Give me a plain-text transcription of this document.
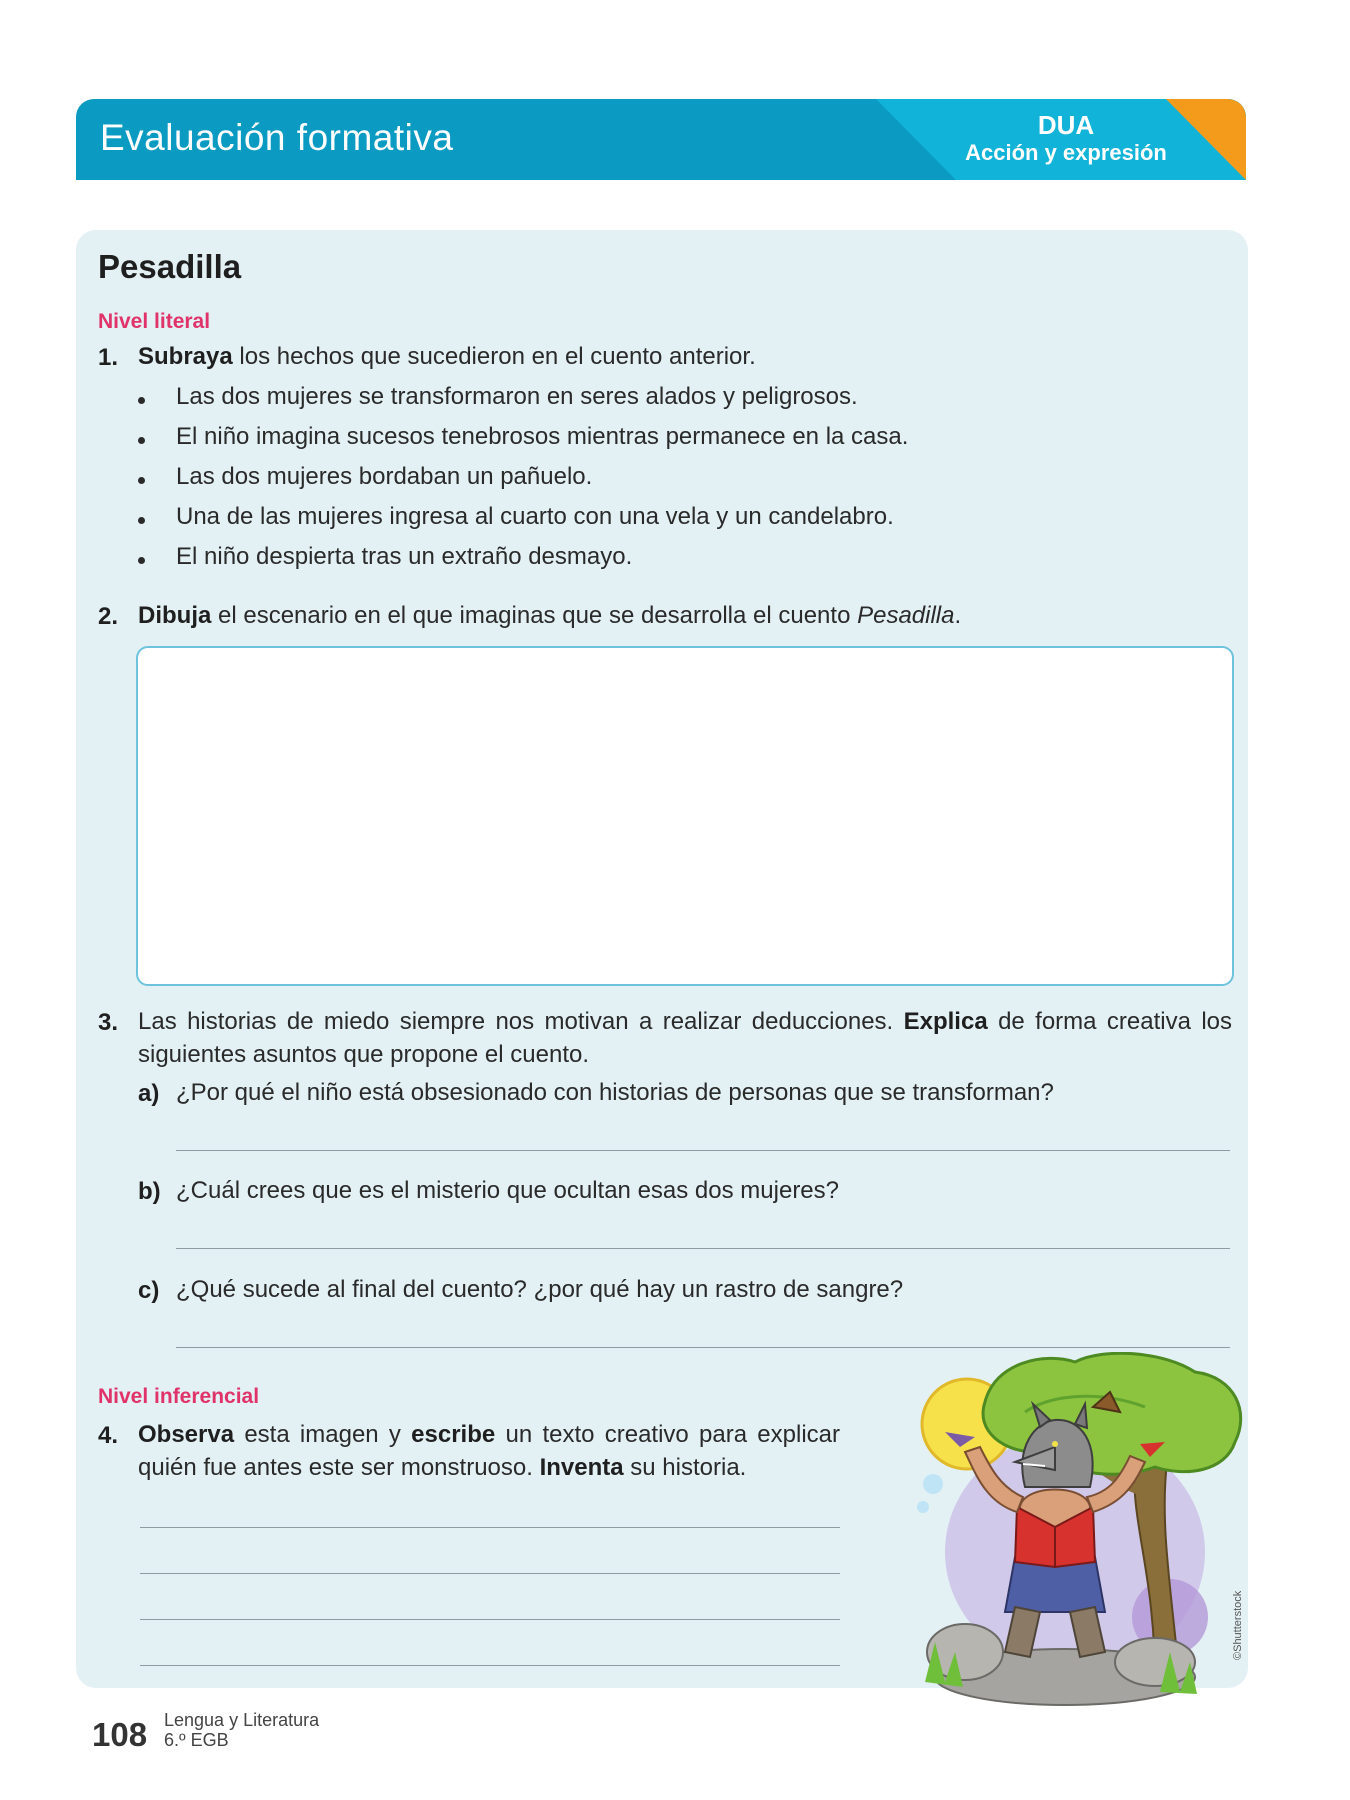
Evaluación formativa	DUA
Acción y expresión
Pesadilla
Nivel literal
1. Subraya los hechos que sucedieron en el cuento anterior.
Las dos mujeres se transformaron en seres alados y peligrosos.
El niño imagina sucesos tenebrosos mientras permanece en la casa.
Las dos mujeres bordaban un pañuelo.
Una de las mujeres ingresa al cuarto con una vela y un candelabro.
El niño despierta tras un extraño desmayo.
2. Dibuja el escenario en el que imaginas que se desarrolla el cuento Pesadilla.
3. Las historias de miedo siempre nos motivan a realizar deducciones. Explica de forma creativa los
siguientes asuntos que propone el cuento.
a) ¿Por qué el niño está obsesionado con historias de personas que se transforman?
b) ¿Cuál crees que es el misterio que ocultan esas dos mujeres?
c) ¿Qué sucede al final del cuento? ¿por qué hay un rastro de sangre?
Nivel inferencial
4. Observa esta imagen y escribe un texto creativo para explicar
quién fue antes este ser monstruoso. Inventa su historia.
©Shutterstock
108 Lengua y Literatura
6.º EGB
